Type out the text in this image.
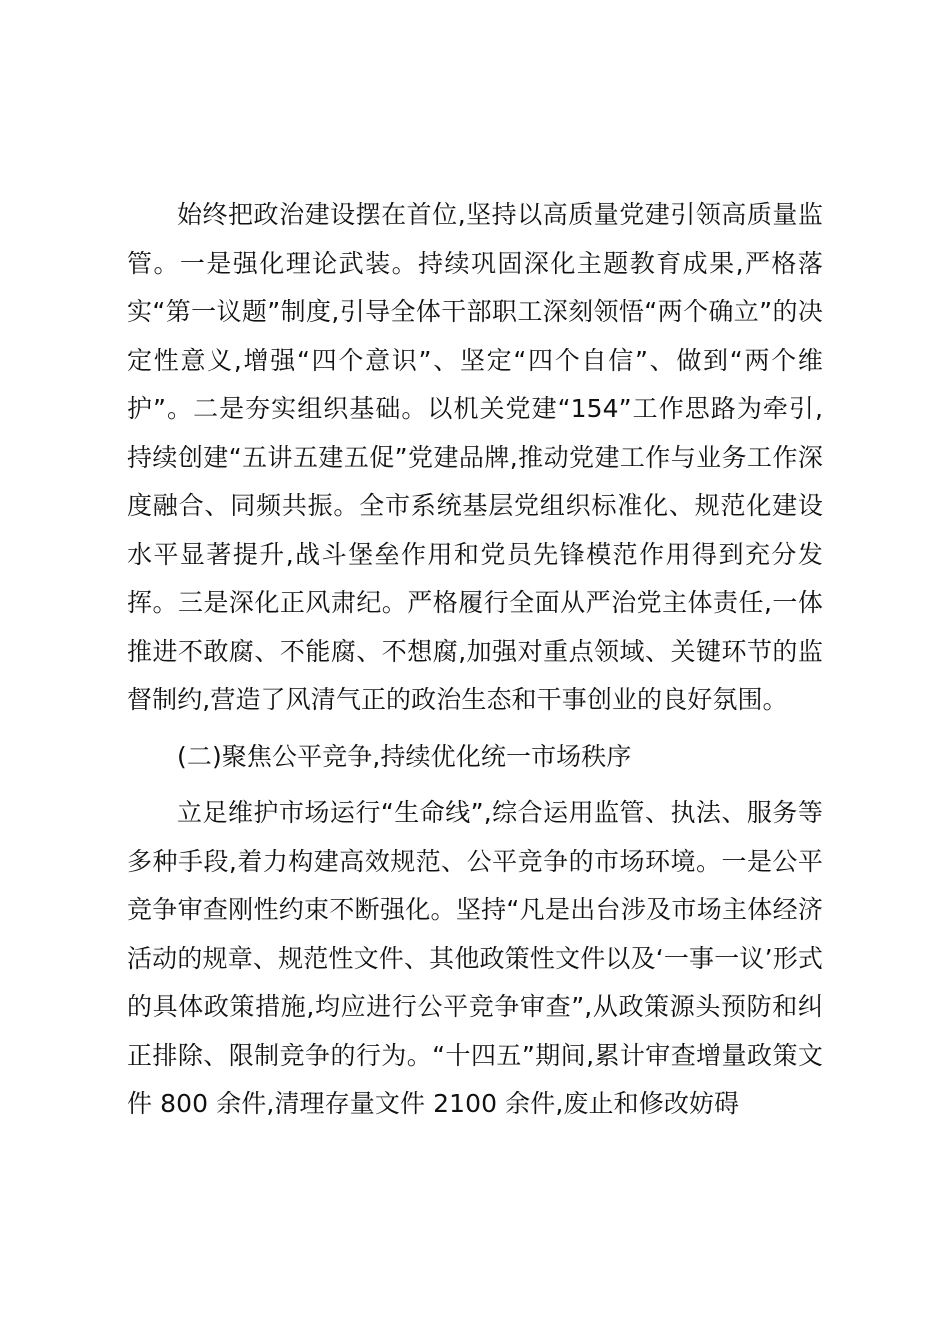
始终把政治建设摆在首位,坚持以高质量党建引领高质量监管。一是强化理论武装。持续巩固深化主题教育成果,严格落实“第一议题”制度,引导全体干部职工深刻领悟“两个确立”的决定性意义,增强“四个意识”、坚定“四个自信”、做到“两个维护”。二是夯实组织基础。以机关党建“154”工作思路为牵引,持续创建“五讲五建五促”党建品牌,推动党建工作与业务工作深度融合、同频共振。全市系统基层党组织标准化、规范化建设水平显著提升,战斗堡垒作用和党员先锋模范作用得到充分发挥。三是深化正风肃纪。严格履行全面从严治党主体责任,一体推进不敢腐、不能腐、不想腐,加强对重点领域、关键环节的监督制约,营造了风清气正的政治生态和干事创业的良好氛围。

(二)聚焦公平竞争,持续优化统一市场秩序

立足维护市场运行“生命线”,综合运用监管、执法、服务等多种手段,着力构建高效规范、公平竞争的市场环境。一是公平竞争审查刚性约束不断强化。坚持“凡是出台涉及市场主体经济活动的规章、规范性文件、其他政策性文件以及‘一事一议’形式的具体政策措施,均应进行公平竞争审查”,从政策源头预防和纠正排除、限制竞争的行为。“十四五”期间,累计审查增量政策文件 800 余件,清理存量文件 2100 余件,废止和修改妨碍
